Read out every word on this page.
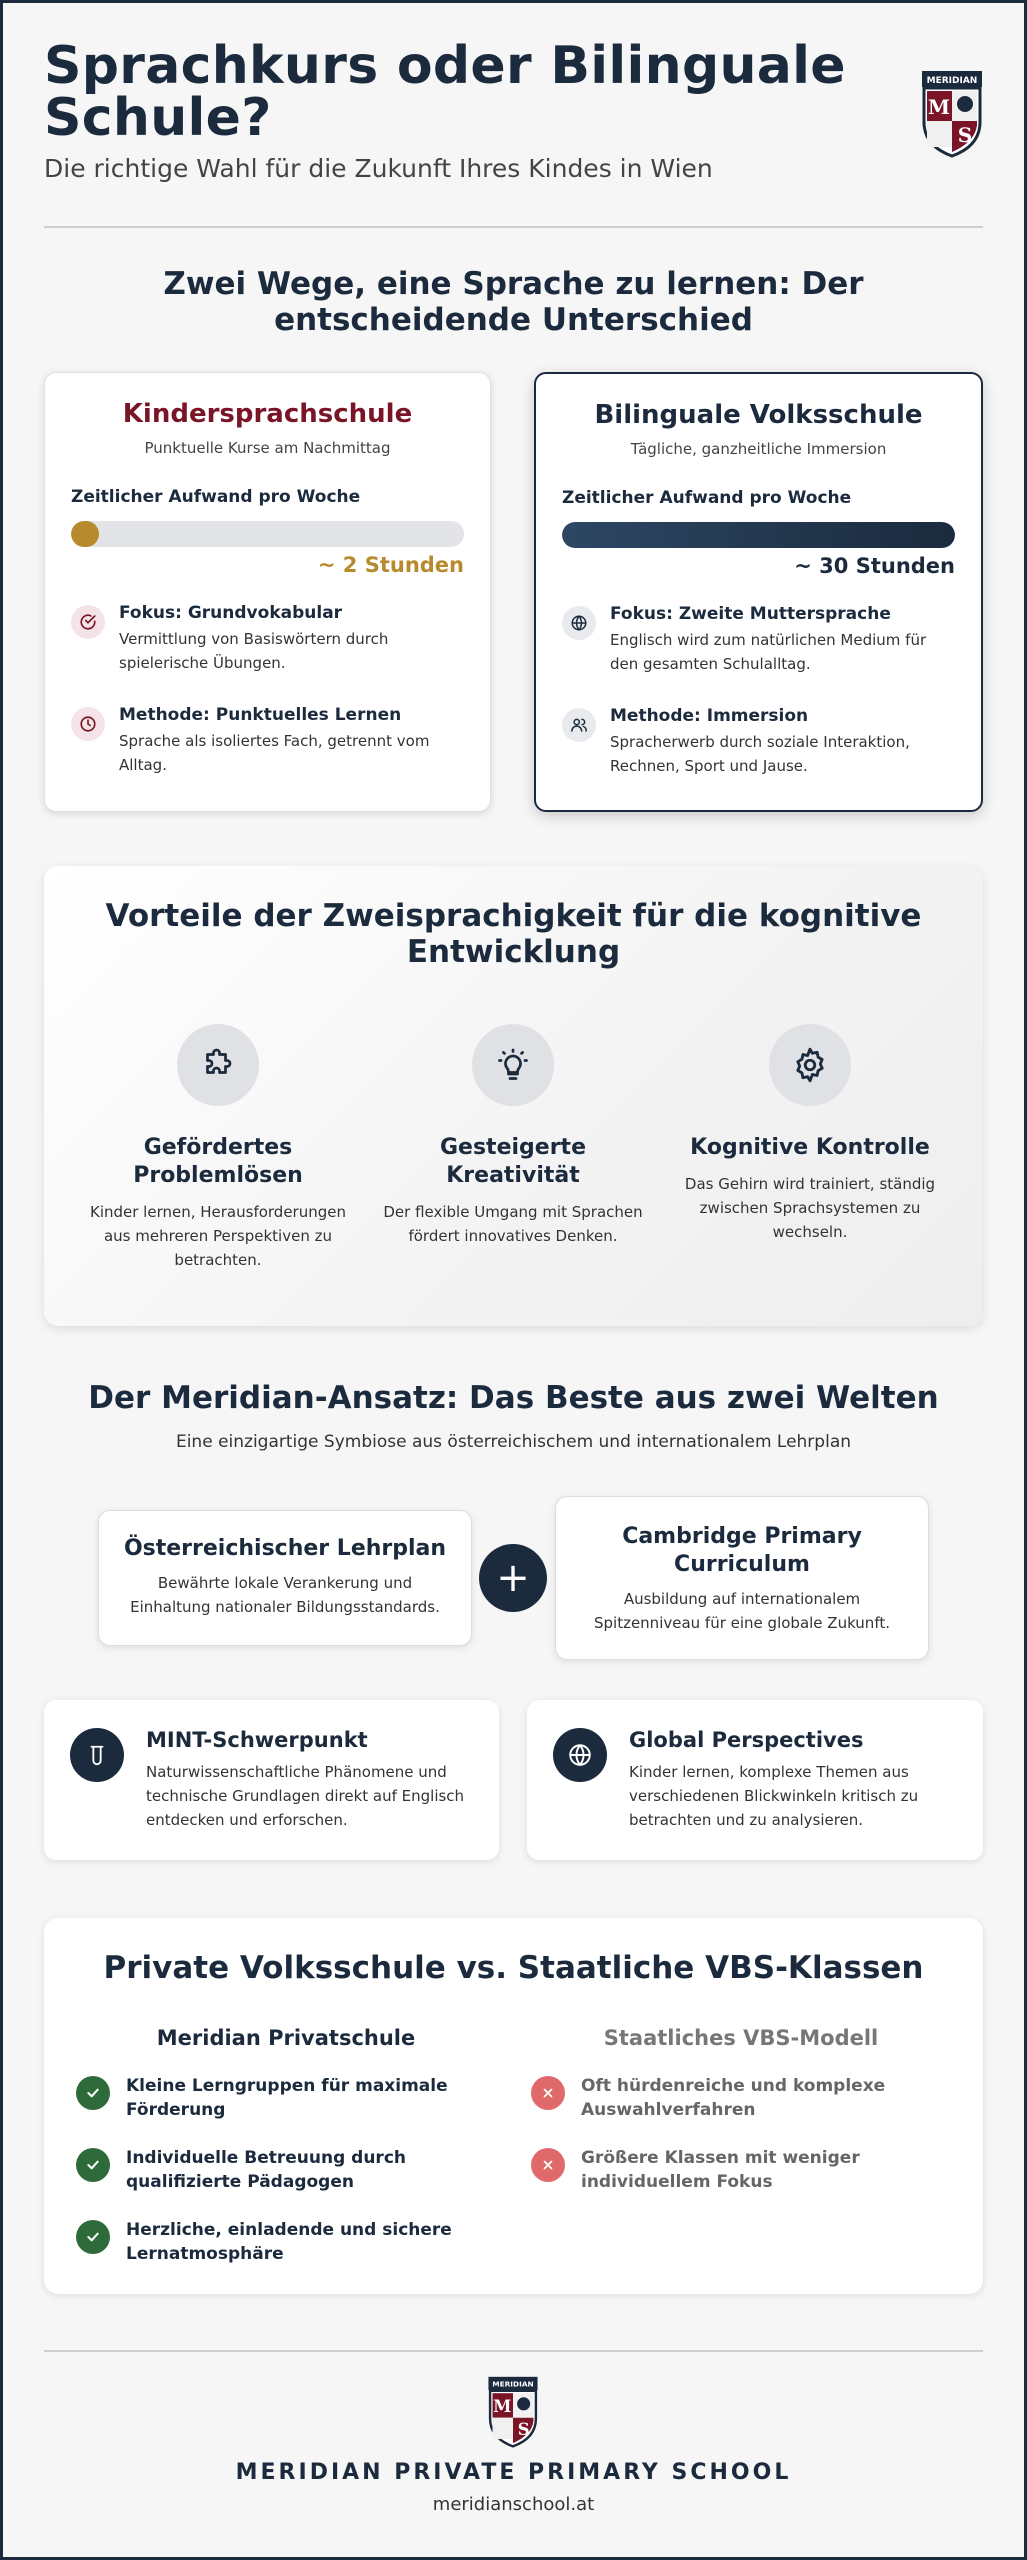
Sprachkurs oder Bilinguale Schule?
Die richtige Wahl für die Zukunft Ihres Kindes in Wien
MERIDIAN
M
S
Zwei Wege, eine Sprache zu lernen: Der entscheidende Unterschied
Kindersprachschule
Punktuelle Kurse am Nachmittag
Zeitlicher Aufwand pro Woche
~ 2 Stunden
Fokus: Grundvokabular
Vermittlung von Basiswörtern durch spielerische Übungen.
Methode: Punktuelles Lernen
Sprache als isoliertes Fach, getrennt vom Alltag.
Bilinguale Volksschule
Tägliche, ganzheitliche Immersion
Zeitlicher Aufwand pro Woche
~ 30 Stunden
Fokus: Zweite Muttersprache
Englisch wird zum natürlichen Medium für den gesamten Schulalltag.
Methode: Immersion
Spracherwerb durch soziale Interaktion, Rechnen, Sport und Jause.
Vorteile der Zweisprachigkeit für die kognitive Entwicklung
Gefördertes Problemlösen
Kinder lernen, Herausforderungen aus mehreren Perspektiven zu betrachten.
Gesteigerte Kreativität
Der flexible Umgang mit Sprachen fördert innovatives Denken.
Kognitive Kontrolle
Das Gehirn wird trainiert, ständig zwischen Sprachsystemen zu wechseln.
Der Meridian-Ansatz: Das Beste aus zwei Welten
Eine einzigartige Symbiose aus österreichischem und internationalem Lehrplan
Österreichischer Lehrplan
Bewährte lokale Verankerung und Einhaltung nationaler Bildungsstandards.
+
Cambridge Primary Curriculum
Ausbildung auf internationalem Spitzenniveau für eine globale Zukunft.
MINT-Schwerpunkt
Naturwissenschaftliche Phänomene und technische Grundlagen direkt auf Englisch entdecken und erforschen.
Global Perspectives
Kinder lernen, komplexe Themen aus verschiedenen Blickwinkeln kritisch zu betrachten und zu analysieren.
Private Volksschule vs. Staatliche VBS-Klassen
Meridian Privatschule
Kleine Lerngruppen für maximale Förderung
Individuelle Betreuung durch qualifizierte Pädagogen
Herzliche, einladende und sichere Lernatmosphäre
Staatliches VBS-Modell
Oft hürdenreiche und komplexe Auswahlverfahren
Größere Klassen mit weniger individuellem Fokus
MERIDIAN
M
S
MERIDIAN PRIVATE PRIMARY SCHOOL
meridianschool.at
